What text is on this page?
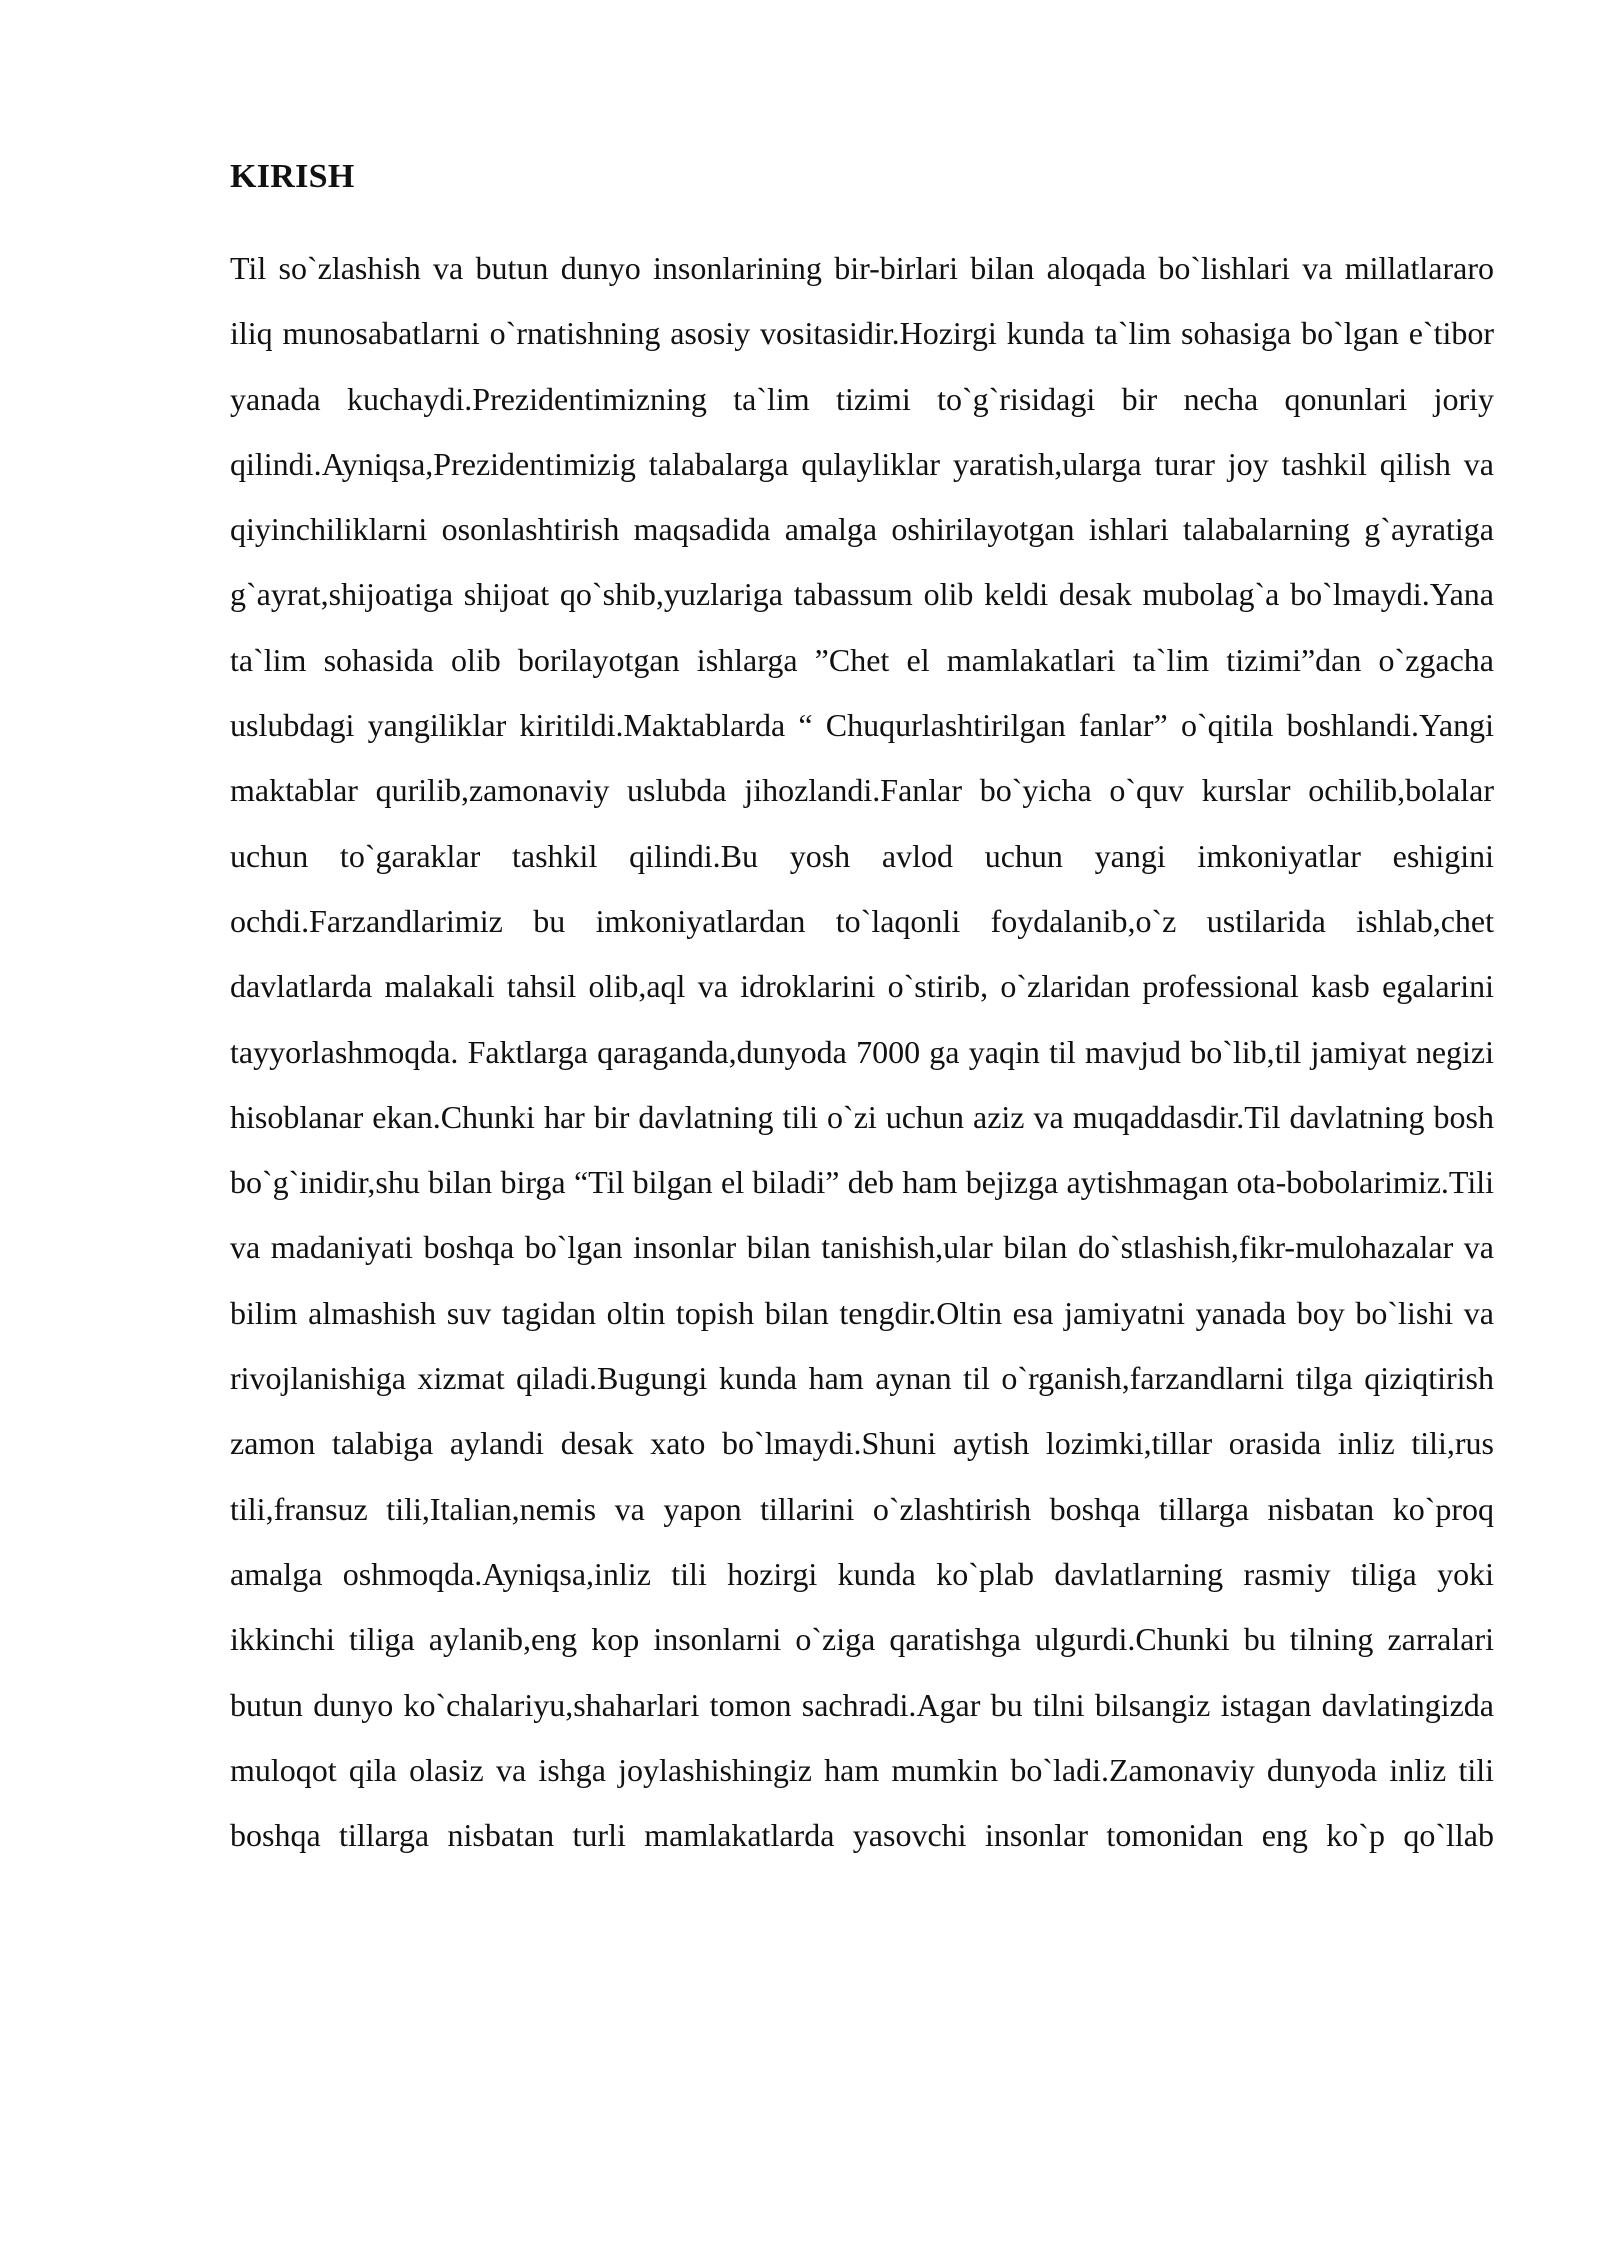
KIRISH

Til so`zlashish va butun dunyo insonlarining bir-birlari bilan aloqada bo`lishlari va millatlararo iliq munosabatlarni o`rnatishning asosiy vositasidir.Hozirgi kunda ta`lim sohasiga bo`lgan e`tibor yanada kuchaydi.Prezidentimizning ta`lim tizimi to`g`risidagi bir necha qonunlari joriy qilindi.Ayniqsa,Prezidentimizig talabalarga qulayliklar yaratish,ularga turar joy tashkil qilish va qiyinchiliklarni osonlashtirish maqsadida amalga oshirilayotgan ishlari talabalarning g`ayratiga g`ayrat,shijoatiga shijoat qo`shib,yuzlariga tabassum olib keldi desak mubolag`a bo`lmaydi.Yana ta`lim sohasida olib borilayotgan ishlarga ”Chet el mamlakatlari ta`lim tizimi”dan o`zgacha uslubdagi yangiliklar kiritildi.Maktablarda “ Chuqurlashtirilgan fanlar” o`qitila boshlandi.Yangi maktablar qurilib,zamonaviy uslubda jihozlandi.Fanlar bo`yicha o`quv kurslar ochilib,bolalar uchun to`garaklar tashkil qilindi.Bu yosh avlod uchun yangi imkoniyatlar eshigini ochdi.Farzandlarimiz bu imkoniyatlardan to`laqonli foydalanib,o`z ustilarida ishlab,chet davlatlarda malakali tahsil olib,aql va idroklarini o`stirib, o`zlaridan professional kasb egalarini tayyorlashmoqda. Faktlarga qaraganda,dunyoda 7000 ga yaqin til mavjud bo`lib,til jamiyat negizi hisoblanar ekan.Chunki har bir davlatning tili o`zi uchun aziz va muqaddasdir.Til davlatning bosh bo`g`inidir,shu bilan birga “Til bilgan el biladi” deb ham bejizga aytishmagan ota-bobolarimiz.Tili va madaniyati boshqa bo`lgan insonlar bilan tanishish,ular bilan do`stlashish,fikr-mulohazalar va bilim almashish suv tagidan oltin topish bilan tengdir.Oltin esa jamiyatni yanada boy bo`lishi va rivojlanishiga xizmat qiladi.Bugungi kunda ham aynan til o`rganish,farzandlarni tilga qiziqtirish zamon talabiga aylandi desak xato bo`lmaydi.Shuni aytish lozimki,tillar orasida inliz tili,rus tili,fransuz tili,Italian,nemis va yapon tillarini o`zlashtirish boshqa tillarga nisbatan ko`proq amalga oshmoqda.Ayniqsa,inliz tili hozirgi kunda ko`plab davlatlarning rasmiy tiliga yoki ikkinchi tiliga aylanib,eng kop insonlarni o`ziga qaratishga ulgurdi.Chunki bu tilning zarralari butun dunyo ko`chalariyu,shaharlari tomon sachradi.Agar bu tilni bilsangiz istagan davlatingizda muloqot qila olasiz va ishga joylashishingiz ham mumkin bo`ladi.Zamonaviy dunyoda inliz tili boshqa tillarga nisbatan turli mamlakatlarda yasovchi insonlar tomonidan eng ko`p qo`llab
